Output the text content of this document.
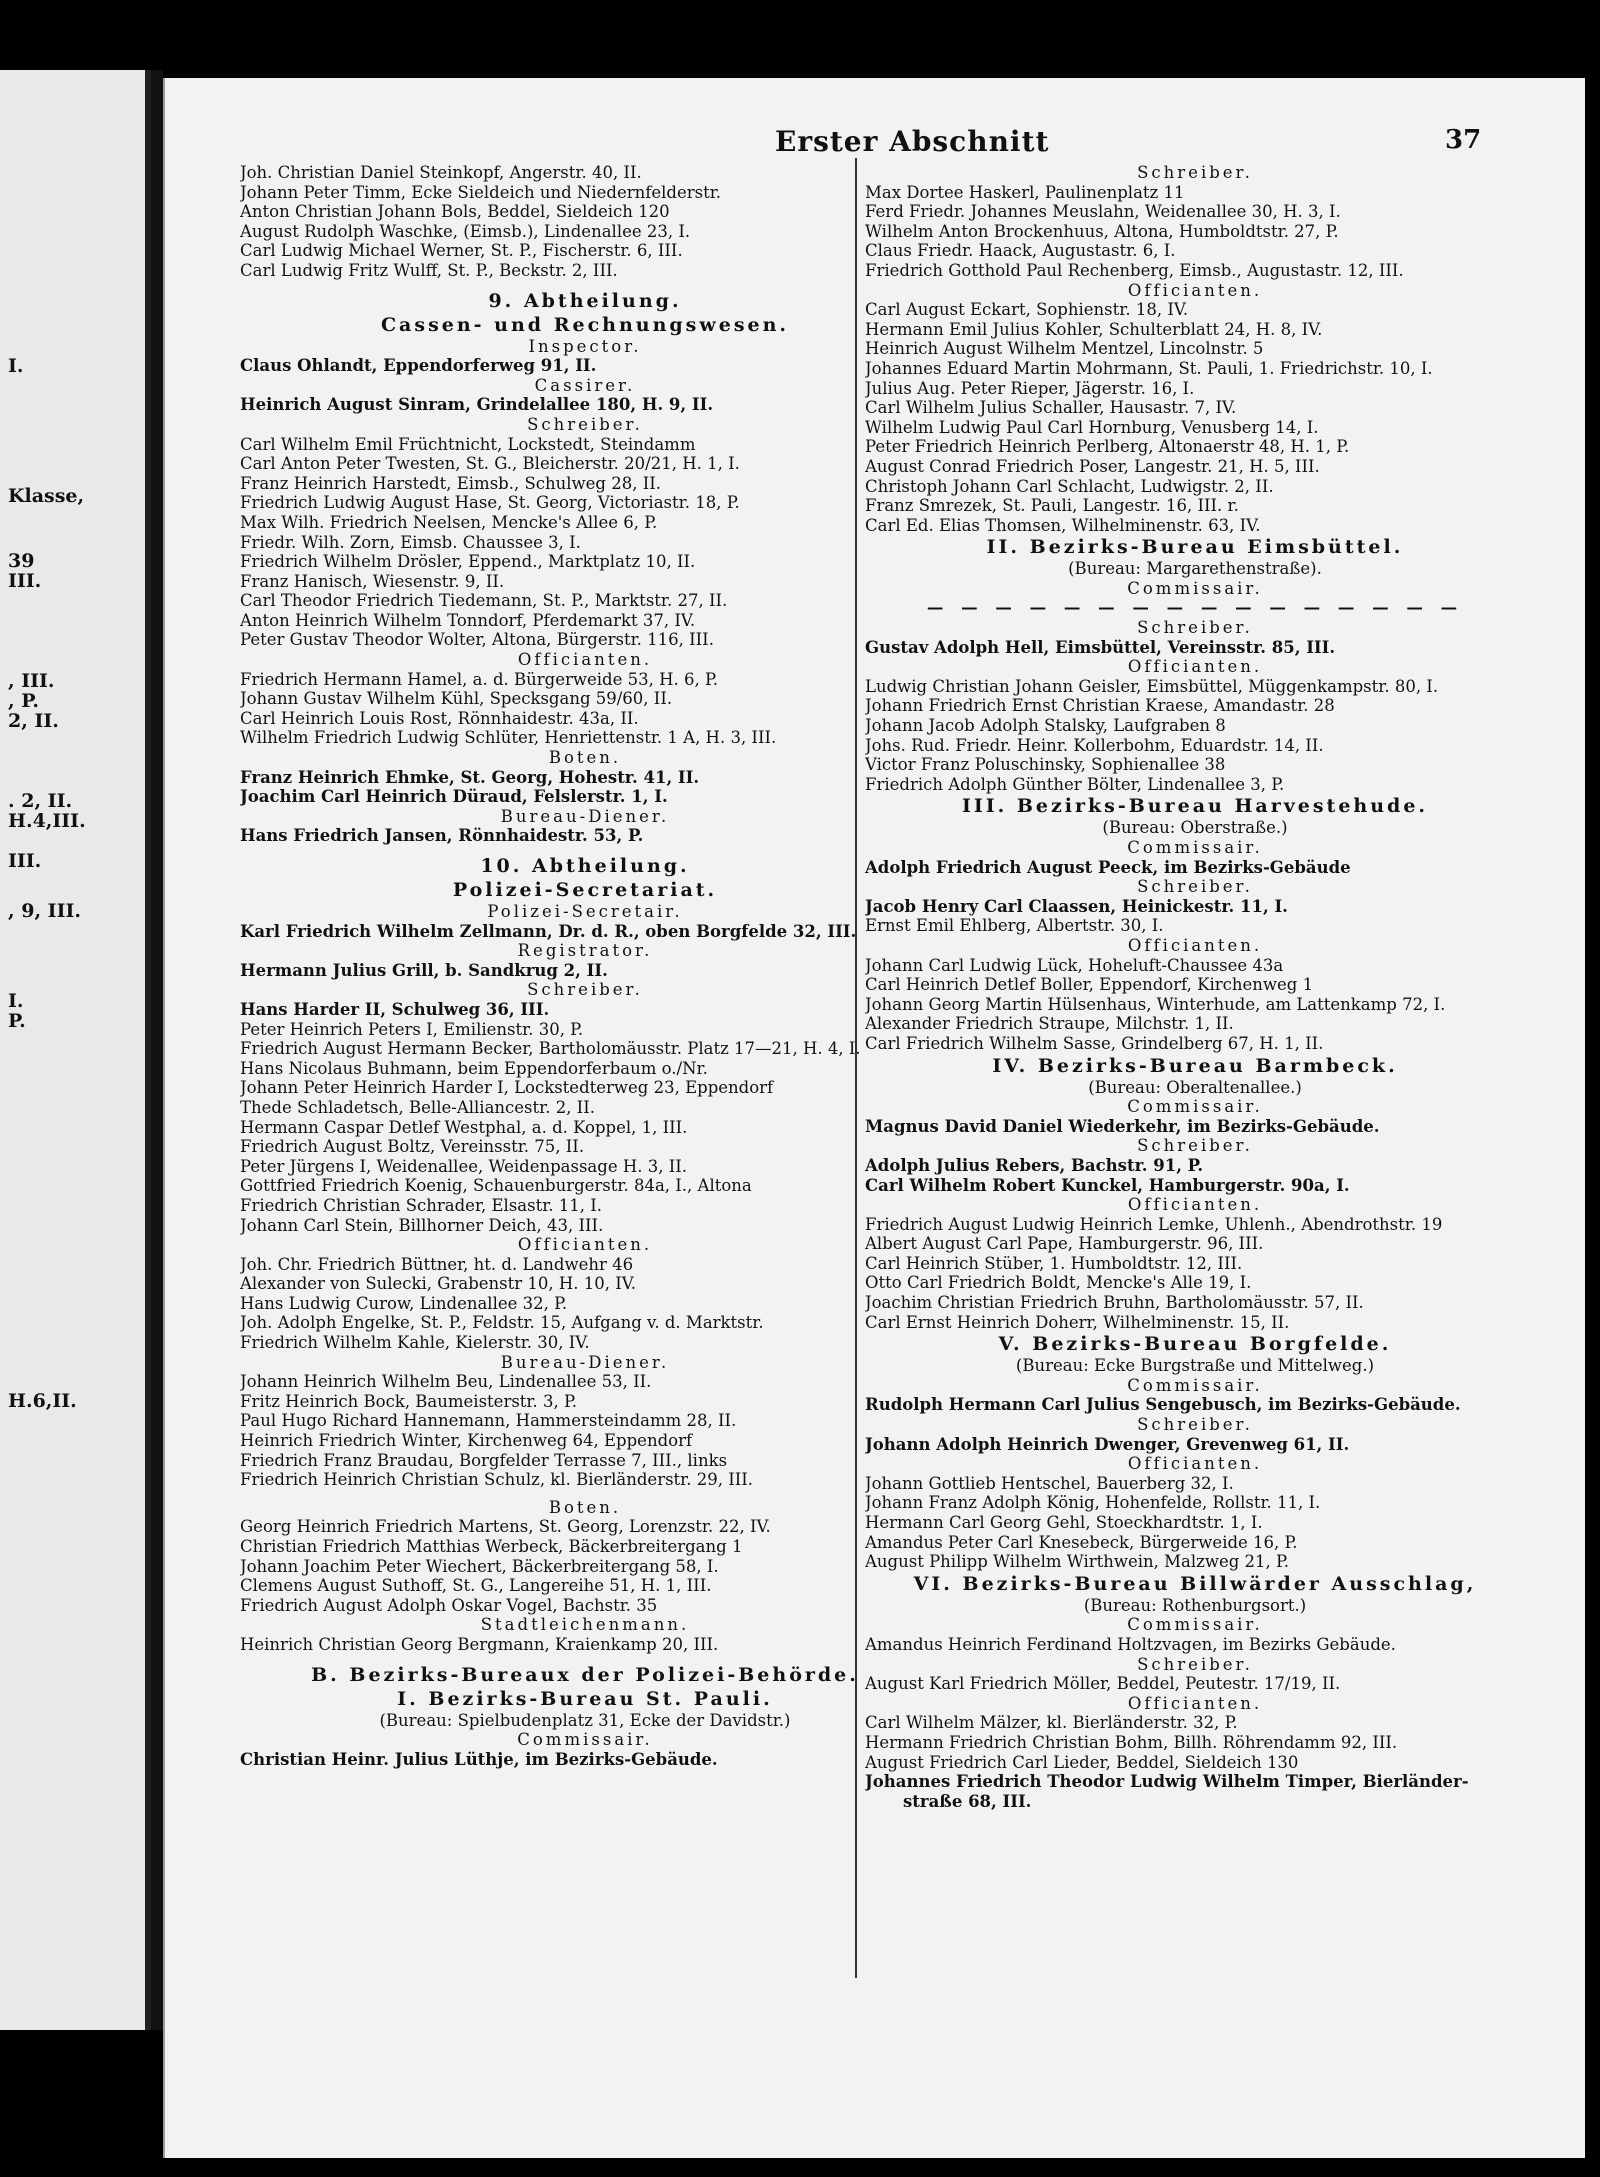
I.
Klasse,
39
III.
, III.
, P.
2, II.
. 2, II.
H.4,III.
III.
, 9, III.
I.
P.
H.6,II.
Erster Abschnitt	37
Joh. Christian Daniel Steinkopf, Angerstr. 40, II.
Johann Peter Timm, Ecke Sieldeich und Niedernfelderstr.
Anton Christian Johann Bols, Beddel, Sieldeich 120
August Rudolph Waschke, (Eimsb.), Lindenallee 23, I.
Carl Ludwig Michael Werner, St. P., Fischerstr. 6, III.
Carl Ludwig Fritz Wulff, St. P., Beckstr. 2, III.
9. Abtheilung.
Cassen- und Rechnungswesen.
Inspector.
Claus Ohlandt, Eppendorferweg 91, II.
Cassirer.
Heinrich August Sinram, Grindelallee 180, H. 9, II.
Schreiber.
Carl Wilhelm Emil Früchtnicht, Lockstedt, Steindamm
Carl Anton Peter Twesten, St. G., Bleicherstr. 20/21, H. 1, I.
Franz Heinrich Harstedt, Eimsb., Schulweg 28, II.
Friedrich Ludwig August Hase, St. Georg, Victoriastr. 18, P.
Max Wilh. Friedrich Neelsen, Mencke's Allee 6, P.
Friedr. Wilh. Zorn, Eimsb. Chaussee 3, I.
Friedrich Wilhelm Drösler, Eppend., Marktplatz 10, II.
Franz Hanisch, Wiesenstr. 9, II.
Carl Theodor Friedrich Tiedemann, St. P., Marktstr. 27, II.
Anton Heinrich Wilhelm Tonndorf, Pferdemarkt 37, IV.
Peter Gustav Theodor Wolter, Altona, Bürgerstr. 116, III.
Officianten.
Friedrich Hermann Hamel, a. d. Bürgerweide 53, H. 6, P.
Johann Gustav Wilhelm Kühl, Specksgang 59/60, II.
Carl Heinrich Louis Rost, Rönnhaidestr. 43a, II.
Wilhelm Friedrich Ludwig Schlüter, Henriettenstr. 1 A, H. 3, III.
Boten.
Franz Heinrich Ehmke, St. Georg, Hohestr. 41, II.
Joachim Carl Heinrich Düraud, Felslerstr. 1, I.
Bureau-Diener.
Hans Friedrich Jansen, Rönnhaidestr. 53, P.
10. Abtheilung.
Polizei-Secretariat.
Polizei-Secretair.
Karl Friedrich Wilhelm Zellmann, Dr. d. R., oben Borgfelde 32, III.
Registrator.
Hermann Julius Grill, b. Sandkrug 2, II.
Schreiber.
Hans Harder II, Schulweg 36, III.
Peter Heinrich Peters I, Emilienstr. 30, P.
Friedrich August Hermann Becker, Bartholomäusstr. Platz 17—21, H. 4, I.
Hans Nicolaus Buhmann, beim Eppendorferbaum o./Nr.
Johann Peter Heinrich Harder I, Lockstedterweg 23, Eppendorf
Thede Schladetsch, Belle-Alliancestr. 2, II.
Hermann Caspar Detlef Westphal, a. d. Koppel, 1, III.
Friedrich August Boltz, Vereinsstr. 75, II.
Peter Jürgens I, Weidenallee, Weidenpassage H. 3, II.
Gottfried Friedrich Koenig, Schauenburgerstr. 84a, I., Altona
Friedrich Christian Schrader, Elsastr. 11, I.
Johann Carl Stein, Billhorner Deich, 43, III.
Officianten.
Joh. Chr. Friedrich Büttner, ht. d. Landwehr 46
Alexander von Sulecki, Grabenstr 10, H. 10, IV.
Hans Ludwig Curow, Lindenallee 32, P.
Joh. Adolph Engelke, St. P., Feldstr. 15, Aufgang v. d. Marktstr.
Friedrich Wilhelm Kahle, Kielerstr. 30, IV.
Bureau-Diener.
Johann Heinrich Wilhelm Beu, Lindenallee 53, II.
Fritz Heinrich Bock, Baumeisterstr. 3, P.
Paul Hugo Richard Hannemann, Hammersteindamm 28, II.
Heinrich Friedrich Winter, Kirchenweg 64, Eppendorf
Friedrich Franz Braudau, Borgfelder Terrasse 7, III., links
Friedrich Heinrich Christian Schulz, kl. Bierländerstr. 29, III.
Boten.
Georg Heinrich Friedrich Martens, St. Georg, Lorenzstr. 22, IV.
Christian Friedrich Matthias Werbeck, Bäckerbreitergang 1
Johann Joachim Peter Wiechert, Bäckerbreitergang 58, I.
Clemens August Suthoff, St. G., Langereihe 51, H. 1, III.
Friedrich August Adolph Oskar Vogel, Bachstr. 35
Stadtleichenmann.
Heinrich Christian Georg Bergmann, Kraienkamp 20, III.
B. Bezirks-Bureaux der Polizei-Behörde.
I. Bezirks-Bureau St. Pauli.
(Bureau: Spielbudenplatz 31, Ecke der Davidstr.)
Commissair.
Christian Heinr. Julius Lüthje, im Bezirks-Gebäude.
Schreiber.
Max Dortee Haskerl, Paulinenplatz 11
Ferd Friedr. Johannes Meuslahn, Weidenallee 30, H. 3, I.
Wilhelm Anton Brockenhuus, Altona, Humboldtstr. 27, P.
Claus Friedr. Haack, Augustastr. 6, I.
Friedrich Gotthold Paul Rechenberg, Eimsb., Augustastr. 12, III.
Officianten.
Carl August Eckart, Sophienstr. 18, IV.
Hermann Emil Julius Kohler, Schulterblatt 24, H. 8, IV.
Heinrich August Wilhelm Mentzel, Lincolnstr. 5
Johannes Eduard Martin Mohrmann, St. Pauli, 1. Friedrichstr. 10, I.
Julius Aug. Peter Rieper, Jägerstr. 16, I.
Carl Wilhelm Julius Schaller, Hausastr. 7, IV.
Wilhelm Ludwig Paul Carl Hornburg, Venusberg 14, I.
Peter Friedrich Heinrich Perlberg, Altonaerstr 48, H. 1, P.
August Conrad Friedrich Poser, Langestr. 21, H. 5, III.
Christoph Johann Carl Schlacht, Ludwigstr. 2, II.
Franz Smrezek, St. Pauli, Langestr. 16, III. r.
Carl Ed. Elias Thomsen, Wilhelminenstr. 63, IV.
II. Bezirks-Bureau Eimsbüttel.
(Bureau: Margarethenstraße).
Commissair.
— — — — — — — — — — — — — — — —
Schreiber.
Gustav Adolph Hell, Eimsbüttel, Vereinsstr. 85, III.
Officianten.
Ludwig Christian Johann Geisler, Eimsbüttel, Müggenkampstr. 80, I.
Johann Friedrich Ernst Christian Kraese, Amandastr. 28
Johann Jacob Adolph Stalsky, Laufgraben 8
Johs. Rud. Friedr. Heinr. Kollerbohm, Eduardstr. 14, II.
Victor Franz Poluschinsky, Sophienallee 38
Friedrich Adolph Günther Bölter, Lindenallee 3, P.
III. Bezirks-Bureau Harvestehude.
(Bureau: Oberstraße.)
Commissair.
Adolph Friedrich August Peeck, im Bezirks-Gebäude
Schreiber.
Jacob Henry Carl Claassen, Heinickestr. 11, I.
Ernst Emil Ehlberg, Albertstr. 30, I.
Officianten.
Johann Carl Ludwig Lück, Hoheluft-Chaussee 43a
Carl Heinrich Detlef Boller, Eppendorf, Kirchenweg 1
Johann Georg Martin Hülsenhaus, Winterhude, am Lattenkamp 72, I.
Alexander Friedrich Straupe, Milchstr. 1, II.
Carl Friedrich Wilhelm Sasse, Grindelberg 67, H. 1, II.
IV. Bezirks-Bureau Barmbeck.
(Bureau: Oberaltenallee.)
Commissair.
Magnus David Daniel Wiederkehr, im Bezirks-Gebäude.
Schreiber.
Adolph Julius Rebers, Bachstr. 91, P.
Carl Wilhelm Robert Kunckel, Hamburgerstr. 90a, I.
Officianten.
Friedrich August Ludwig Heinrich Lemke, Uhlenh., Abendrothstr. 19
Albert August Carl Pape, Hamburgerstr. 96, III.
Carl Heinrich Stüber, 1. Humboldtstr. 12, III.
Otto Carl Friedrich Boldt, Mencke's Alle 19, I.
Joachim Christian Friedrich Bruhn, Bartholomäusstr. 57, II.
Carl Ernst Heinrich Doherr, Wilhelminenstr. 15, II.
V. Bezirks-Bureau Borgfelde.
(Bureau: Ecke Burgstraße und Mittelweg.)
Commissair.
Rudolph Hermann Carl Julius Sengebusch, im Bezirks-Gebäude.
Schreiber.
Johann Adolph Heinrich Dwenger, Grevenweg 61, II.
Officianten.
Johann Gottlieb Hentschel, Bauerberg 32, I.
Johann Franz Adolph König, Hohenfelde, Rollstr. 11, I.
Hermann Carl Georg Gehl, Stoeckhardtstr. 1, I.
Amandus Peter Carl Knesebeck, Bürgerweide 16, P.
August Philipp Wilhelm Wirthwein, Malzweg 21, P.
VI. Bezirks-Bureau Billwärder Ausschlag,
(Bureau: Rothenburgsort.)
Commissair.
Amandus Heinrich Ferdinand Holtzvagen, im Bezirks Gebäude.
Schreiber.
August Karl Friedrich Möller, Beddel, Peutestr. 17/19, II.
Officianten.
Carl Wilhelm Mälzer, kl. Bierländerstr. 32, P.
Hermann Friedrich Christian Bohm, Billh. Röhrendamm 92, III.
August Friedrich Carl Lieder, Beddel, Sieldeich 130
Johannes Friedrich Theodor Ludwig Wilhelm Timper, Bierländer-
straße 68, III.
